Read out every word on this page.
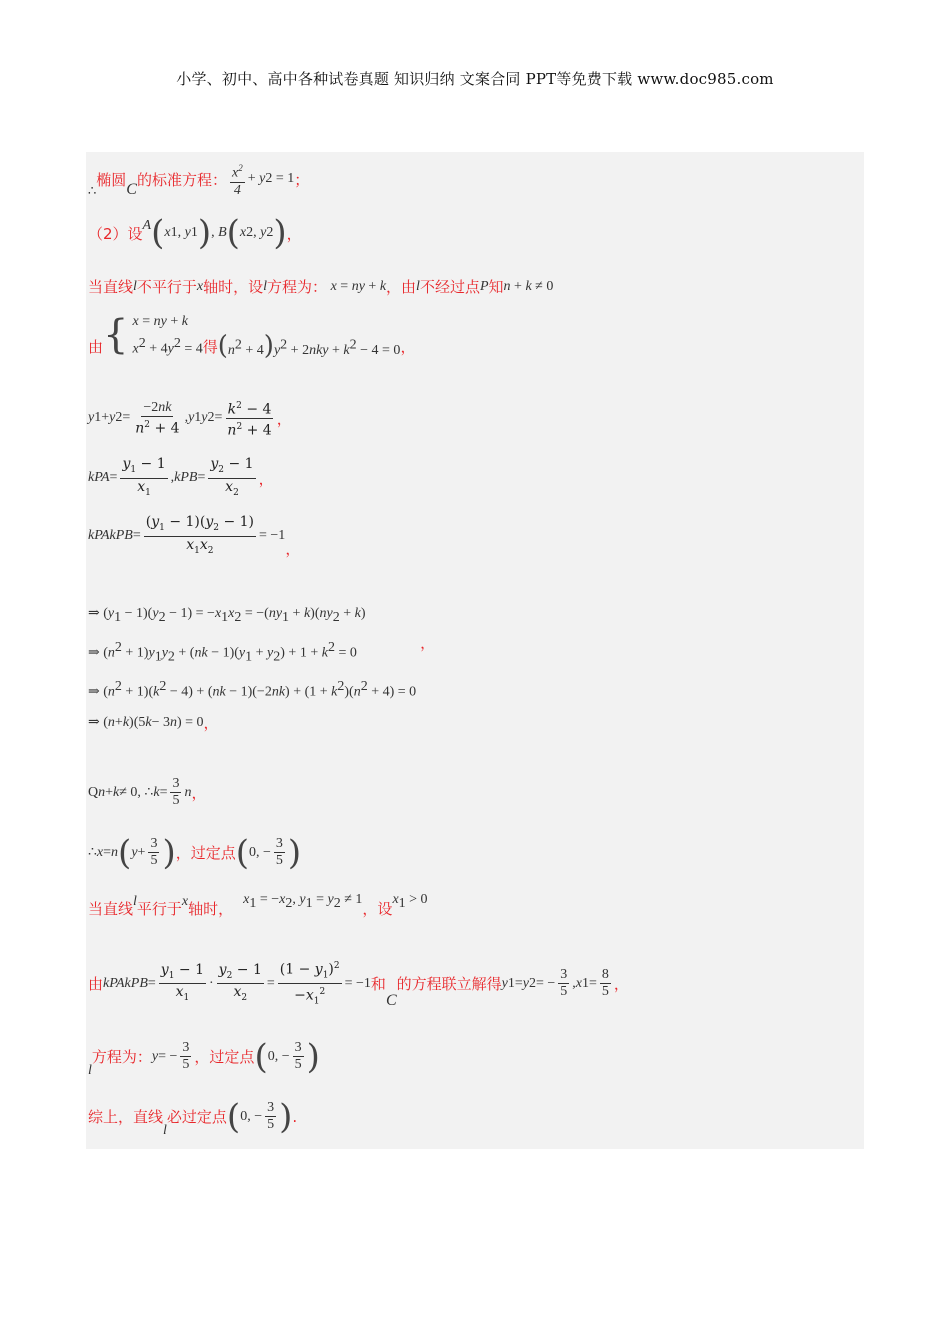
小学、初中、高中各种试卷真题 知识归纳 文案合同 PPT等免费下载 www.doc985.com
∴
椭圆
C
的标准方程： $\frac{x^2}{4} + y$ 2 = 1 ；
（2）设 A ( x 1 , y 1 ) , B ( x 2 , y 2 ) ，
当直线 l 不平行于 x 轴时，设 l 方程为： x = ny + k ，由 l 不经过点 P 知 n + k ≠ 0
由 { x = ny + k
$x^2 + 4y^2 = 4$ 得 $(n^2 + 4)y^2 + 2nky + k^2 - 4 = 0$ ，
y 1 + y $2 = \frac{-2nk}{n^2 + 4}$ , y 1 y $2 = \frac{k^2 - 4}{n^2 + 4}$ ，
k PA = $\frac{y_1 - 1}{x_1}$ , k PB = $\frac{y_2 - 1}{x_2}$ ，
k PA k PB = $\frac{(y_1 - 1)(y_2 - 1)}{x_1x_2} = -1$
，
⇒ $(y_1 - 1)(y_2 - 1) = -x_1x_2 = -(ny_1 + k)(ny_2 + k)$
⇒ $(n^2 + 1)y_1y_2 + (nk - 1)(y_1 + y_2) + 1 + k^2 = 0$
⇒ $(n^2 + 1)(k^2 - 4) + (nk - 1)(-2nk) + (1 + k^2)(n^2 + 4) = 0$
，
⇒ ( n + k )(5 k − 3 n ) = 0 ，
Q n + k ≠ 0, ∴ $k = \frac{3}{5}$ n ，
∴ x = n ( $y + \frac{3}{5}$ ) ，过定点 ( 0, − $\frac{3}{5}$ )
当直线 l 平行于 x 轴时，
$x_1 = -x_2$, $y_1 = y_2 \ne 1$
，设
$x_1 > 0$
由 k PA k PB = $\frac{y_1 - 1}{x_1} \cdot \frac{y_2 - 1}{x_2} = \frac{(1 - y_1)^2}{-x_1^2} = -1$ 和
C
的方程联立解得 y 1 = y 2 = − $\frac{3}{5}$ , x $1 = \frac{8}{5}$ ，
l
方程为： y = − $\frac{3}{5}$ ，过定点 ( 0, − $\frac{3}{5}$ )
综上，直线
l
必过定点 ( 0, − $\frac{3}{5}$ ) .
